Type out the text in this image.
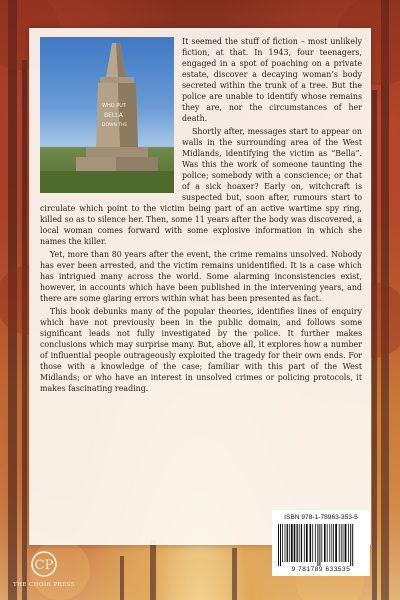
WHO PUT
BELLA
DOWN THE

It seemed the stuff of fiction – most unlikely fiction, at that. In 1943, four teenagers, engaged in a spot of poaching on a private estate, discover a decaying woman’s body secreted within the trunk of a tree. But the police are unable to identify whose remains they are, nor the circumstances of her death.

Shortly after, messages start to appear on walls in the surrounding area of the West Midlands, identifying the victim as “Bella”. Was this the work of someone taunting the police; somebody with a conscience; or that of a sick hoaxer? Early on, witchcraft is suspected but, soon after, rumours start to circulate which point to the victim being part of an active wartime spy ring, killed so as to silence her. Then, some 11 years after the body was discovered, a local woman comes forward with some explosive information in which she names the killer.

Yet, more than 80 years after the event, the crime remains unsolved. Nobody has ever been arrested, and the victim remains unidentified. It is a case which has intrigued many across the world. Some alarming inconsistencies exist, however, in accounts which have been published in the intervening years, and there are some glaring errors within what has been presented as fact.

This book debunks many of the popular theories, identifies lines of enquiry which have not previously been in the public domain, and follows some significant leads not fully investigated by the police. It further makes conclusions which may surprise many. But, above all, it explores how a number of influential people outrageously exploited the tragedy for their own ends. For those with a knowledge of the case; familiar with this part of the West Midlands; or who have an interest in unsolved crimes or policing protocols, it makes fascinating reading.

CP
THE CHOIR PRESS
ISBN 978-1-78963-353-5
9 781789 633535
